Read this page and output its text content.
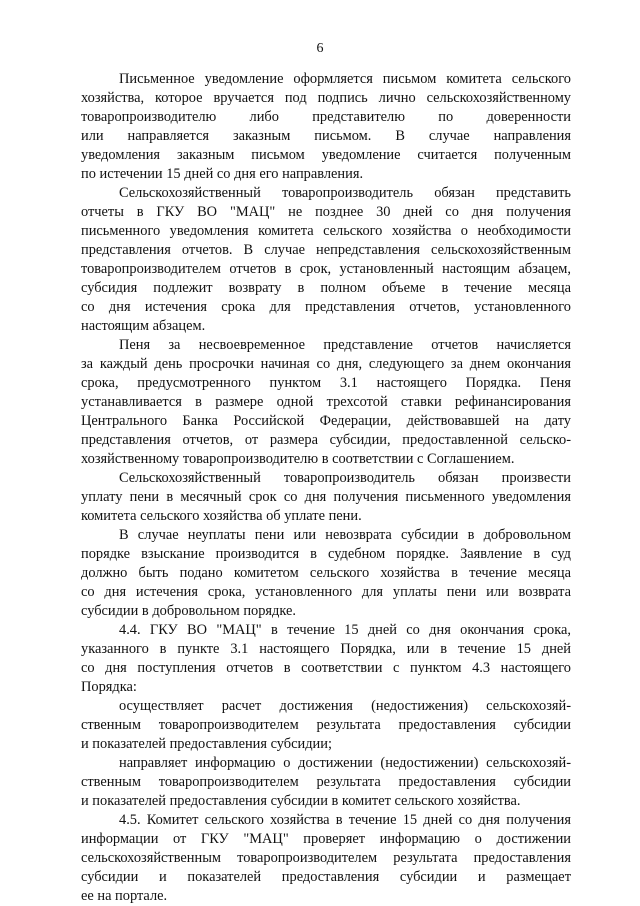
6
Письменное уведомление оформляется письмом комитета сельского
хозяйства, которое вручается под подпись лично сельскохозяйственному
товаропроизводителю либо представителю по доверенности
или направляется заказным письмом. В случае направления
уведомления заказным письмом уведомление считается полученным
по истечении 15 дней со дня его направления.
Сельскохозяйственный товаропроизводитель обязан представить
отчеты в ГКУ ВО "МАЦ" не позднее 30 дней со дня получения
письменного уведомления комитета сельского хозяйства о необходимости
представления отчетов. В случае непредставления сельскохозяйственным
товаропроизводителем отчетов в срок, установленный настоящим абзацем,
субсидия подлежит возврату в полном объеме в течение месяца
со дня истечения срока для представления отчетов, установленного
настоящим абзацем.
Пеня за несвоевременное представление отчетов начисляется
за каждый день просрочки начиная со дня, следующего за днем окончания
срока, предусмотренного пунктом 3.1 настоящего Порядка. Пеня
устанавливается в размере одной трехсотой ставки рефинансирования
Центрального Банка Российской Федерации, действовавшей на дату
представления отчетов, от размера субсидии, предоставленной сельско-
хозяйственному товаропроизводителю в соответствии с Соглашением.
Сельскохозяйственный товаропроизводитель обязан произвести
уплату пени в месячный срок со дня получения письменного уведомления
комитета сельского хозяйства об уплате пени.
В случае неуплаты пени или невозврата субсидии в добровольном
порядке взыскание производится в судебном порядке. Заявление в суд
должно быть подано комитетом сельского хозяйства в течение месяца
со дня истечения срока, установленного для уплаты пени или возврата
субсидии в добровольном порядке.
4.4. ГКУ ВО "МАЦ" в течение 15 дней со дня окончания срока,
указанного в пункте 3.1 настоящего Порядка, или в течение 15 дней
со дня поступления отчетов в соответствии с пунктом 4.3 настоящего
Порядка:
осуществляет расчет достижения (недостижения) сельскохозяй-
ственным товаропроизводителем результата предоставления субсидии
и показателей предоставления субсидии;
направляет информацию о достижении (недостижении) сельскохозяй-
ственным товаропроизводителем результата предоставления субсидии
и показателей предоставления субсидии в комитет сельского хозяйства.
4.5. Комитет сельского хозяйства в течение 15 дней со дня получения
информации от ГКУ "МАЦ" проверяет информацию о достижении
сельскохозяйственным товаропроизводителем результата предоставления
субсидии и показателей предоставления субсидии и размещает
ее на портале.
